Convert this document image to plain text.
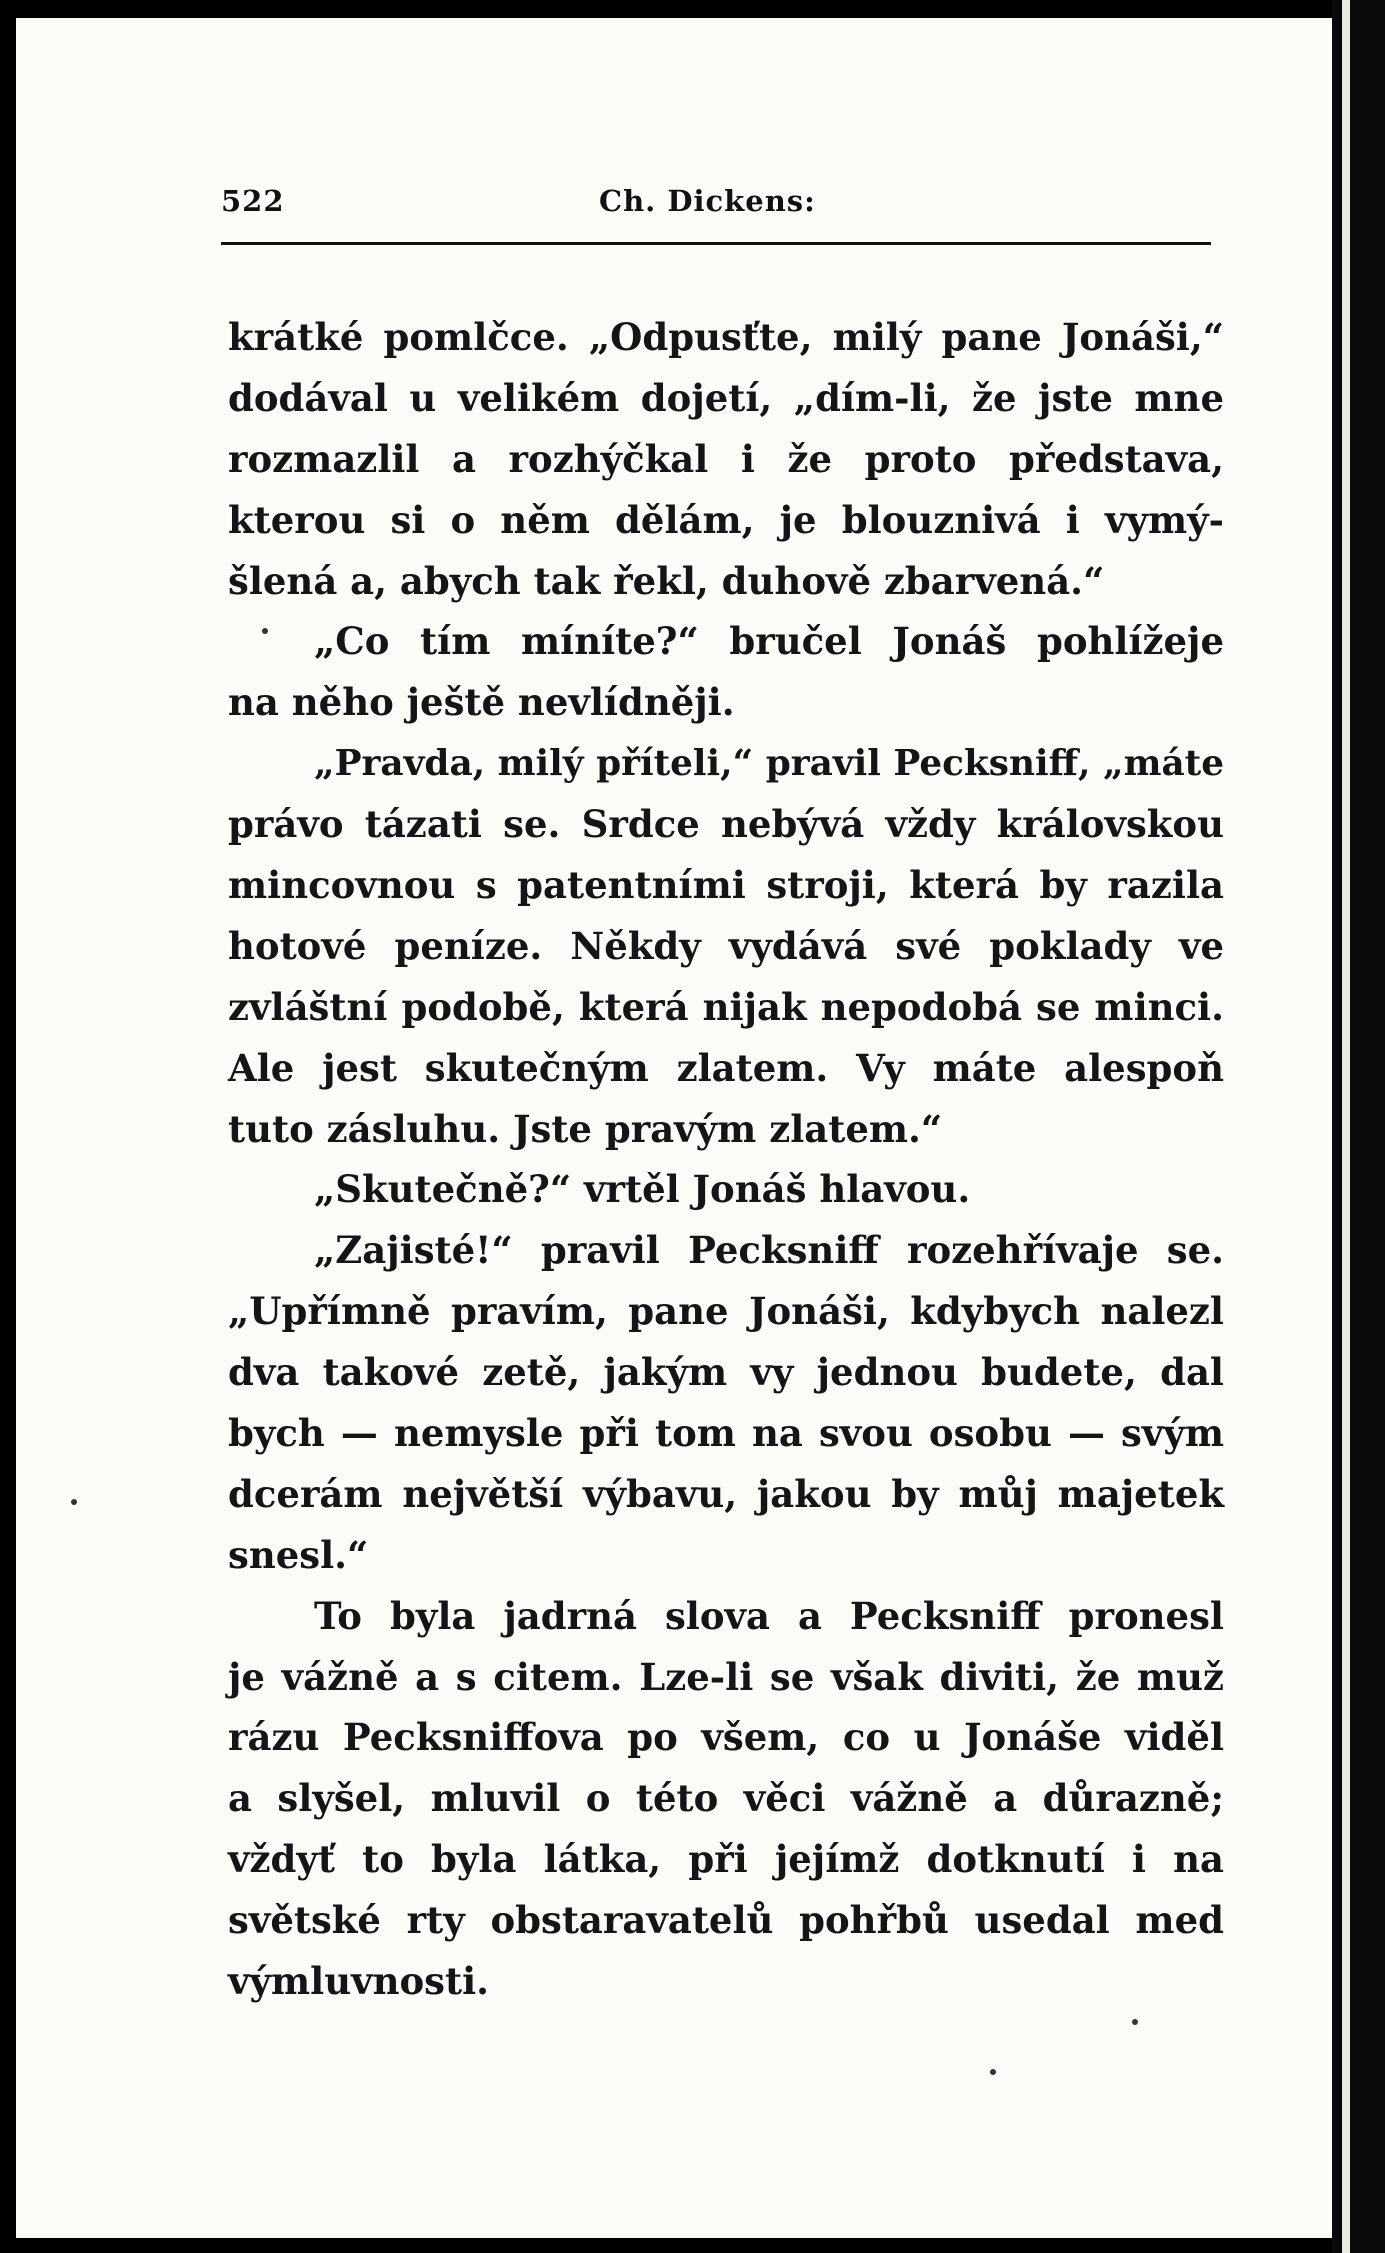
522	Ch. Dickens:
krátké pomlčce. „Odpusťte, milý pane Jonáši,“
dodával u velikém dojetí, „dím-li, že jste mne
rozmazlil a rozhýčkal i že proto představa,
kterou si o něm dělám, je blouznivá i vymý-
šlená a, abych tak řekl, duhově zbarvená.“
„Co tím míníte?“ bručel Jonáš pohlížeje
na něho ještě nevlídněji.
„Pravda, milý příteli,“ pravil Pecksniff, „máte
právo tázati se. Srdce nebývá vždy královskou
mincovnou s patentními stroji, která by razila
hotové peníze. Někdy vydává své poklady ve
zvláštní podobě, která nijak nepodobá se minci.
Ale jest skutečným zlatem. Vy máte alespoň
tuto zásluhu. Jste pravým zlatem.“
„Skutečně?“ vrtěl Jonáš hlavou.
„Zajisté!“ pravil Pecksniff rozehřívaje se.
„Upřímně pravím, pane Jonáši, kdybych nalezl
dva takové zetě, jakým vy jednou budete, dal
bych — nemysle při tom na svou osobu — svým
dcerám největší výbavu, jakou by můj majetek
snesl.“
To byla jadrná slova a Pecksniff pronesl
je vážně a s citem. Lze-li se však diviti, že muž
rázu Pecksniffova po všem, co u Jonáše viděl
a slyšel, mluvil o této věci vážně a důrazně;
vždyť to byla látka, při jejímž dotknutí i na
světské rty obstaravatelů pohřbů usedal med
výmluvnosti.
